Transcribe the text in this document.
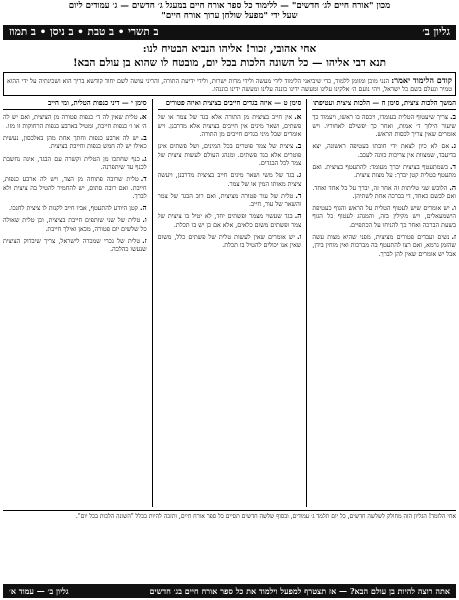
מכון "אורח חיים לג׳ חדשים" — ללימוד כל ספר אורח חיים במעגל ג׳ חדשים — ג׳ עמודים ליום
שעל ידי "מפעל שולחן ערוך אורח חיים"
גליון ב׳
ב תשרי • ב טבת • ב ניסן • ב תמוז
אחי אהובי, זכור! אליהו הנביא הבטיח לנו:
תנא דבי אליהו — כל השונה הלכות בכל יום, מובטח לו שהוא בן עולם הבא!
קודם הלימוד יאמר: הנני מוכן ומזומן ללמוד, כדי שיביאני הלימוד לידי מעשה ולידי מדות ישרות, ולידי ידיעת התורה, והריני עושה לשם יחוד קודשא בריך הוא ושכינתיה על ידי ההוא טמיר ונעלם בשם כל ישראל, ויהי נועם ה׳ אלקינו עלינו ומעשה ידינו כוננה עלינו ומעשה ידינו כוננהו.
המשך הלכות ציצית, סימן ח — הלכות ציצית ועטיפתו
ב.צריך שיעטוף הטלית בעומדו, ויכסה בו ראשו, ויעמוד כך שיעור הילוך ד׳ אמות, ואחר כך יפשילם לאחוריו. ויש אומרים שאין צריך לכסות הראש.
ג.אם לא כיון לצאת ידי חובתו בעטיפה ראשונה, יצא בדיעבד, שמצוות אין צריכות כוונה לעכב.
ד.כשמתעטף בציצית יברך מעומד: להתעטף בציצית. ואם מתעטף בטלית קטן יברך: על מצות ציצית.
ה.הלובש שני טליתות זה אחר זה, יברך על כל אחד ואחד. ואם לבשם כאחד, די בברכה אחת לשתיהן.
ו.יש אומרים שיש לעטוף הטלית על הראש והגוף כעטיפת הישמעאלים, ויש מקילין בזה, והמנהג לעטוף כל הגוף בשעת הברכה ואחר כך להניחו על הכתפיים.
ז.נשים ועבדים פטורים מציצית, מפני שהיא מצות עשה שהזמן גרמא, ואם רצו להתעטף בה מברכות ואין מוחין בידן, אבל יש אומרים שאין להן לברך.
סימן ט — איזה בגדים חייבים בציצית ואיזה פטורים
א.אין חייב בציצית מן התורה אלא בגד של צמר או של פשתים, ושאר מינים אין חייבים בציצית אלא מדרבנן. ויש אומרים שכל מיני בגדים חייבים מן התורה.
ב.ציצית של צמר פוטרים בכל המינים, ושל פשתים אינן פוטרים אלא בגד פשתים. ומנהג העולם לעשות ציצית של צמר לכל הבגדים.
ג.בגד של משי ושאר מינים חייב בציצית מדרבנן, ויעשה ציצית מאותו המין או של צמר.
ד.טלית של עור פטורה מציצית, ואם רוב הבגד של צמר והשאר של עור, חייב.
ה.בגד שעשוי מצמר ופשתים יחד, לא יטיל בו ציצית של צמר ופשתים משום כלאים, אלא אם כן יש בו תכלת.
ו.יש אומרים שאין לעשות טלית של פשתים כלל, משום שאין אנו יכולים להטיל בו תכלת.
סימן י — דיני כנפות הטלית, ומי חייב
א.טלית שאין לה ד׳ כנפות פטורה מן הציצית, ואם יש לה ה׳ או ו׳ כנפות חייבת, ומטיל בארבע כנפות הרחוקות זו מזו.
ב.יש לה ארבע כנפות וחתך אחת מהן באלכסון, נעשית כאילו יש לה חמש כנפות וחייבת בציצית.
ג.כנף שחתכו מן הטלית וקשרה עם הבגד, אינה נחשבת לכנף עד שיתפרנה.
ד.טלית שרובה פתוחה מן הצד, ויש לה ארבע כנפות, חייבת. ואם רובה סתום, יש להחמיר להטיל בה ציצית ולא לברך.
ה.קטן היודע להתעטף, אביו חייב לקנות לו ציצית לחנכו.
ו.טלית של שני שותפים חייבת בציצית, וכן טלית שאולה כל שלשים יום פטורה, מכאן ואילך חייבת.
ז.טלית של נכרי שמכרה לישראל, צריך שיבדוק הציצית שנעשו כהלכה.
אחי הלומד! הגליון הזה מחולק לשלשה חדשים, כל יום תלמד ג׳ עמודים, ובסוף שלשה חדשים תסיים כל ספר אורח חיים, ותזכה להיות בכלל "השונה הלכות בכל יום".
אתה רוצה להיות בן עולם הבא? — אז תצטרף למפעל וילמוד את כל ספר אורח חיים בג׳ חדשים
גליון ב׳ — עמוד א׳
